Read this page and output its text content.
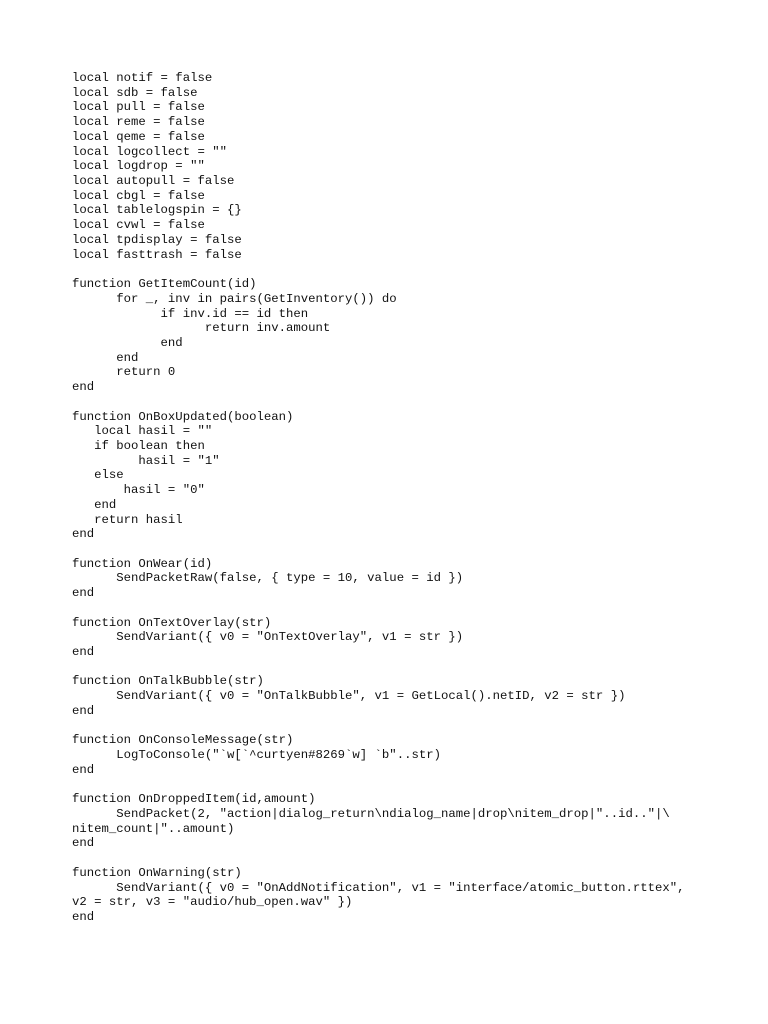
local notif = false
local sdb = false
local pull = false
local reme = false
local qeme = false
local logcollect = ""
local logdrop = ""
local autopull = false
local cbgl = false
local tablelogspin = {}
local cvwl = false
local tpdisplay = false
local fasttrash = false
function GetItemCount(id)
for _, inv in pairs(GetInventory()) do
if inv.id == id then
return inv.amount
end
end
return 0
end
function OnBoxUpdated(boolean)
local hasil = ""
if boolean then
hasil = "1"
else
hasil = "0"
end
return hasil
end
function OnWear(id)
SendPacketRaw(false, { type = 10, value = id })
end
function OnTextOverlay(str)
SendVariant({ v0 = "OnTextOverlay", v1 = str })
end
function OnTalkBubble(str)
SendVariant({ v0 = "OnTalkBubble", v1 = GetLocal().netID, v2 = str })
end
function OnConsoleMessage(str)
LogToConsole("`w[`^curtyen#8269`w] `b"..str)
end
function OnDroppedItem(id,amount)
SendPacket(2, "action|dialog_return\ndialog_name|drop\nitem_drop|"..id.."|\
nitem_count|"..amount)
end
function OnWarning(str)
SendVariant({ v0 = "OnAddNotification", v1 = "interface/atomic_button.rttex",
v2 = str, v3 = "audio/hub_open.wav" })
end
